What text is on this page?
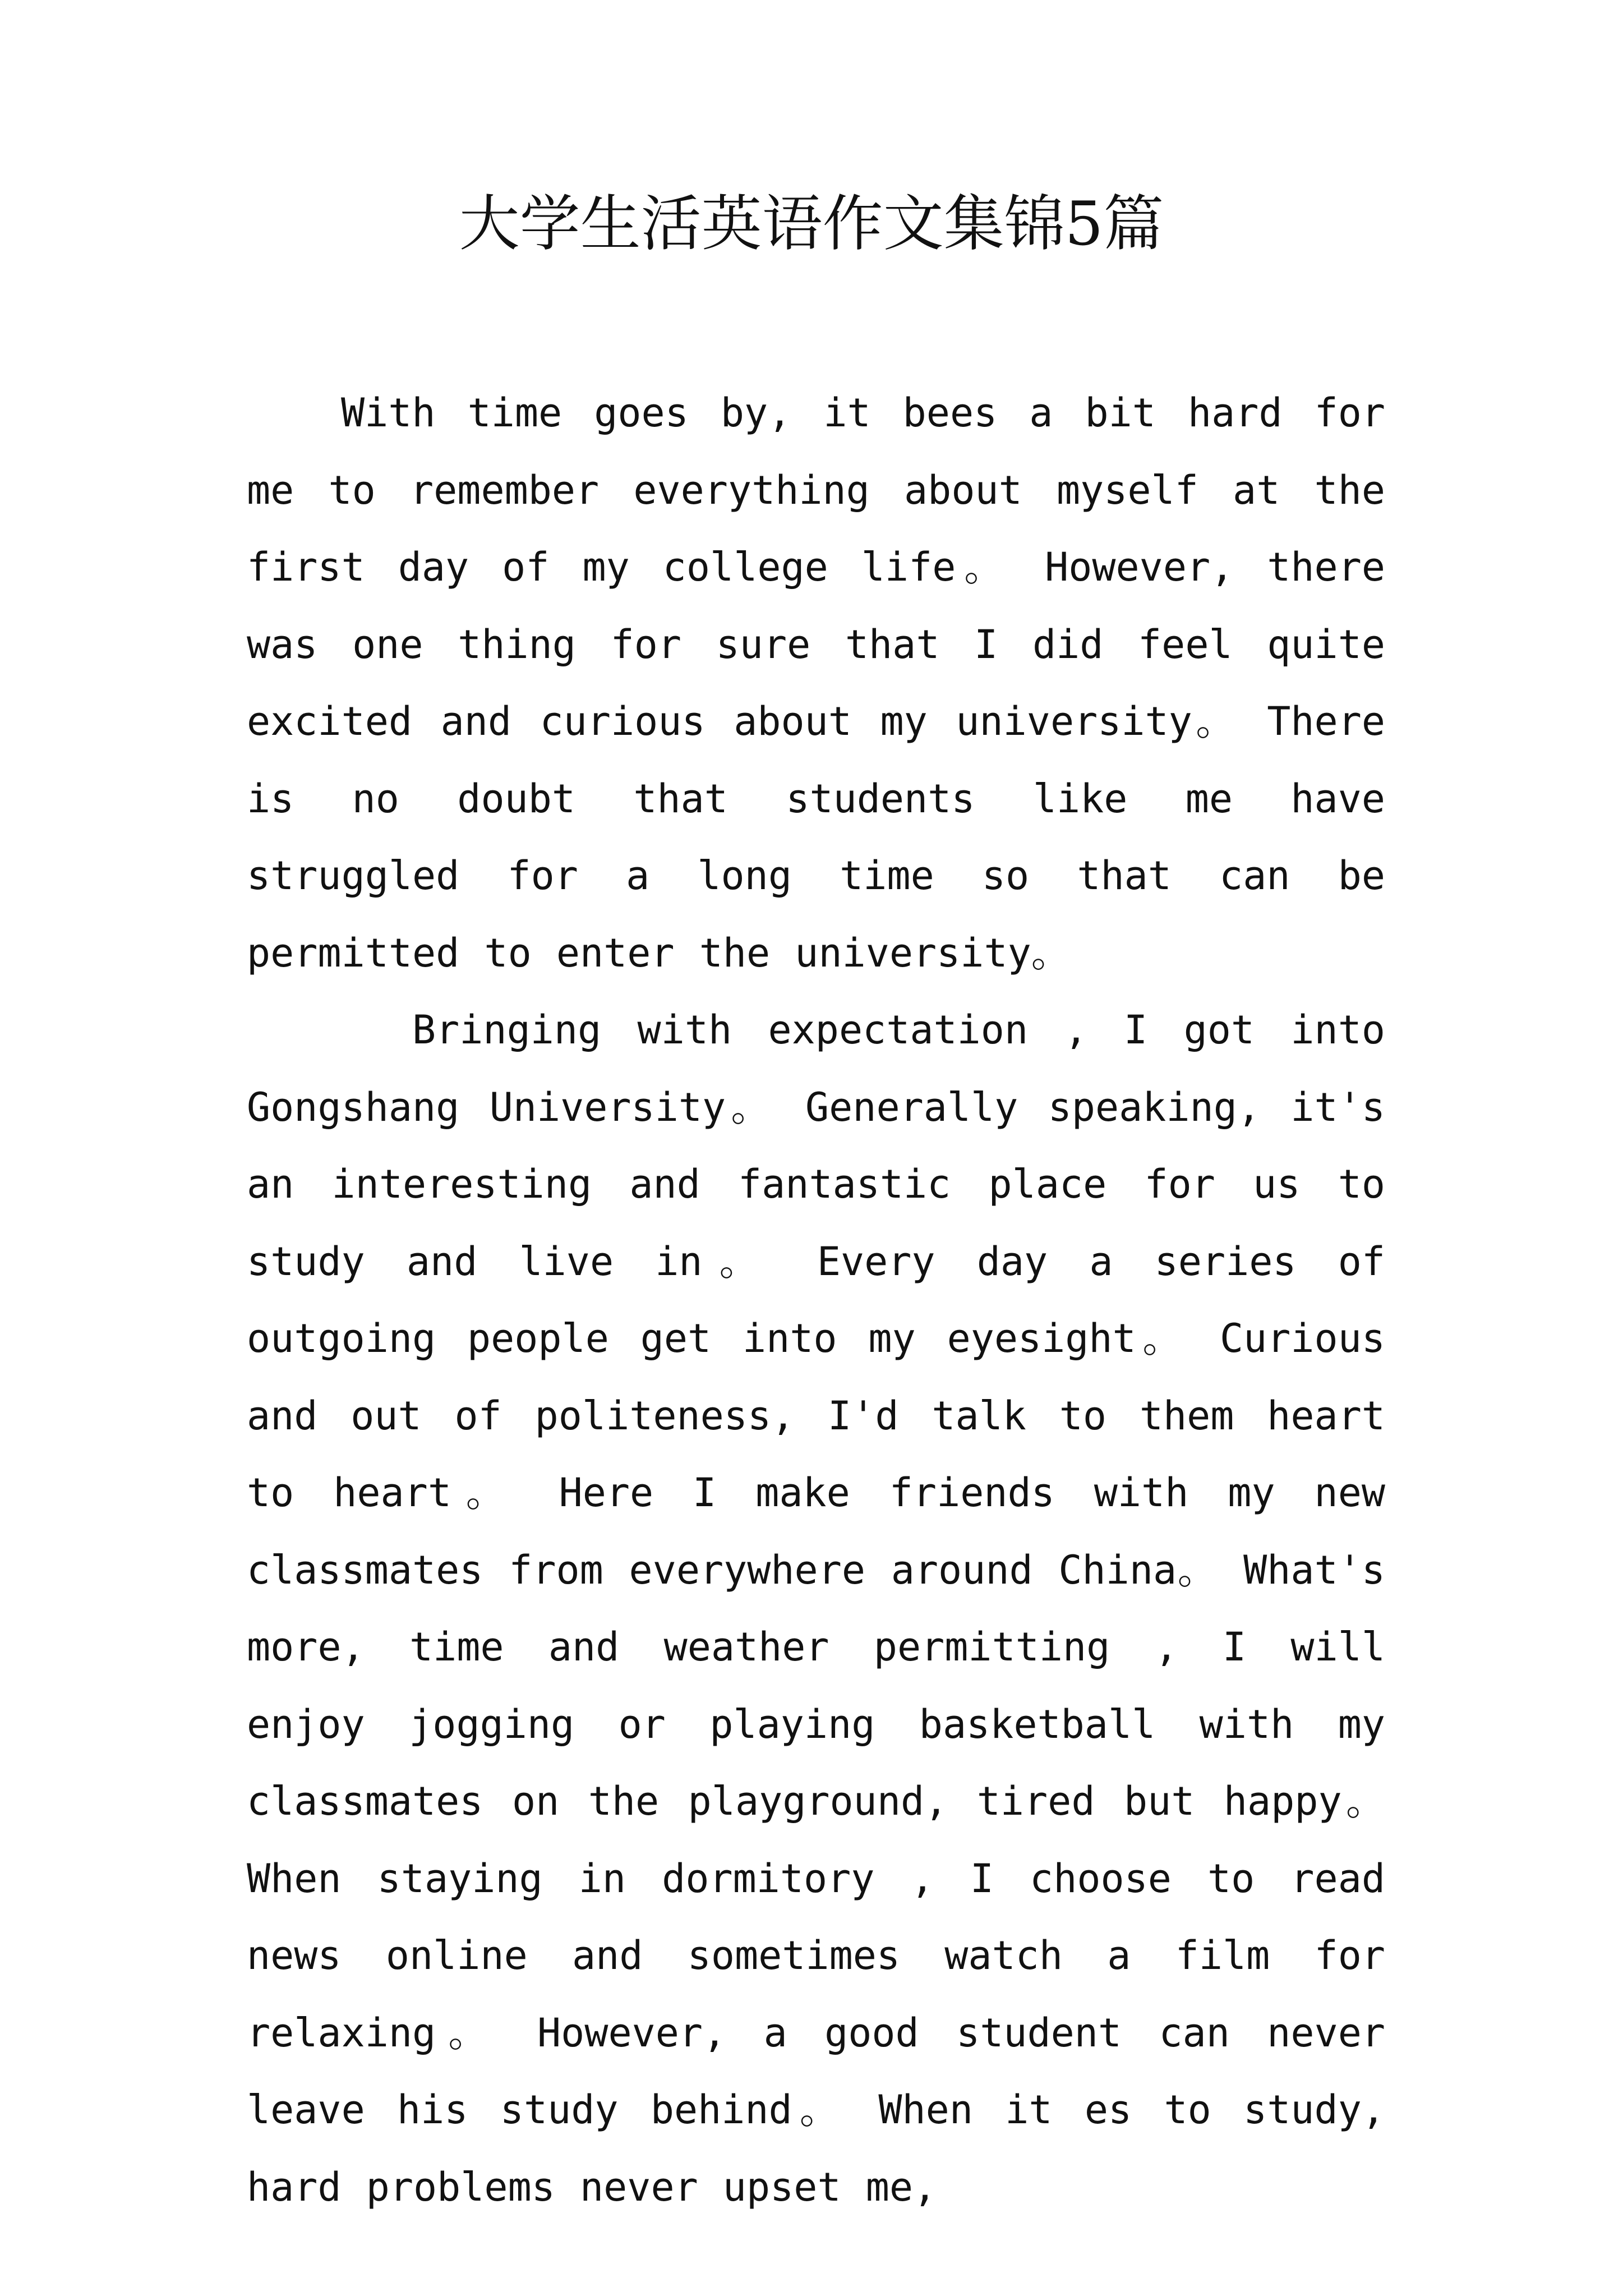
大学生活英语作文集锦5篇

With time goes by, it bees a bit hard for me to remember everything about myself at the first day of my college life。 However, there was one thing for sure that I did feel quite excited and curious about my university。 There is no doubt that students like me have struggled for a long time so that can be permitted to enter the university。

Bringing with expectation , I got into Gongshang University。 Generally speaking, it's an interesting and fantastic place for us to study and live in。 Every day a series of outgoing people get into my eyesight。 Curious and out of politeness, I'd talk to them heart to heart。 Here I make friends with my new classmates from everywhere around China。 What's more, time and weather permitting , I will enjoy jogging or playing basketball with my classmates on the playground, tired but happy。 When staying in dormitory , I choose to read news online and sometimes watch a film for relaxing。 However, a good student can never leave his study behind。 When it es to study, hard problems never upset me,
